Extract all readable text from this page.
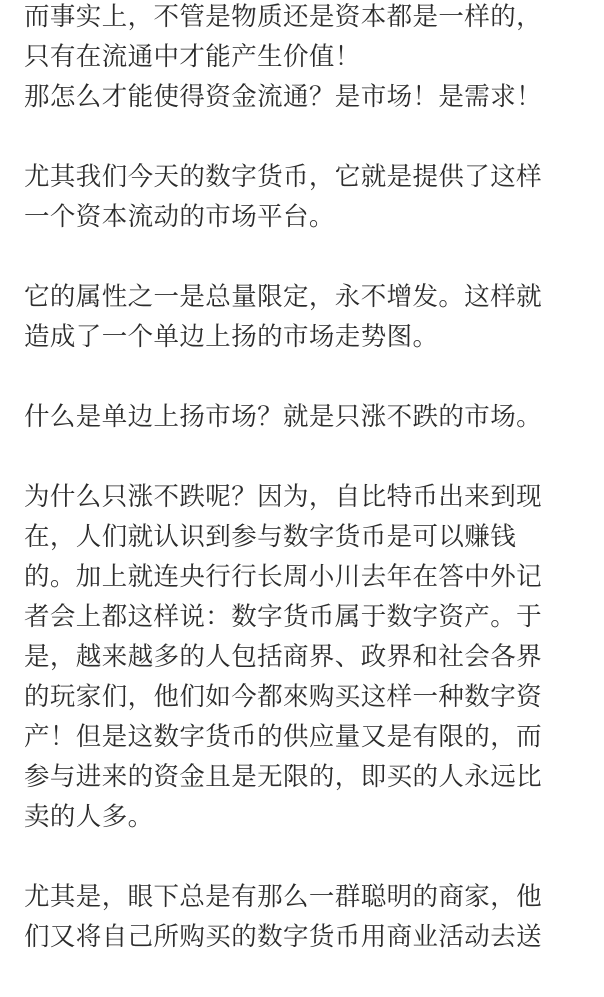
而事实上，不管是物质还是资本都是一样的，
只有在流通中才能产生价值！
那怎么才能使得资金流通？是市场！是需求！
尤其我们今天的数字货币，它就是提供了这样
一个资本流动的市场平台。
它的属性之一是总量限定，永不增发。这样就
造成了一个单边上扬的市场走势图。
什么是单边上扬市场？就是只涨不跌的市场。
为什么只涨不跌呢？因为，自比特币出来到现
在，人们就认识到参与数字货币是可以赚钱
的。加上就连央行行长周小川去年在答中外记
者会上都这样说：数字货币属于数字资产。于
是，越来越多的人包括商界、政界和社会各界
的玩家们，他们如今都來购买这样一种数字资
产！但是这数字货币的供应量又是有限的，而
参与进来的资金且是无限的，即买的人永远比
卖的人多。
尤其是，眼下总是有那么一群聪明的商家，他
们又将自己所购买的数字货币用商业活动去送
